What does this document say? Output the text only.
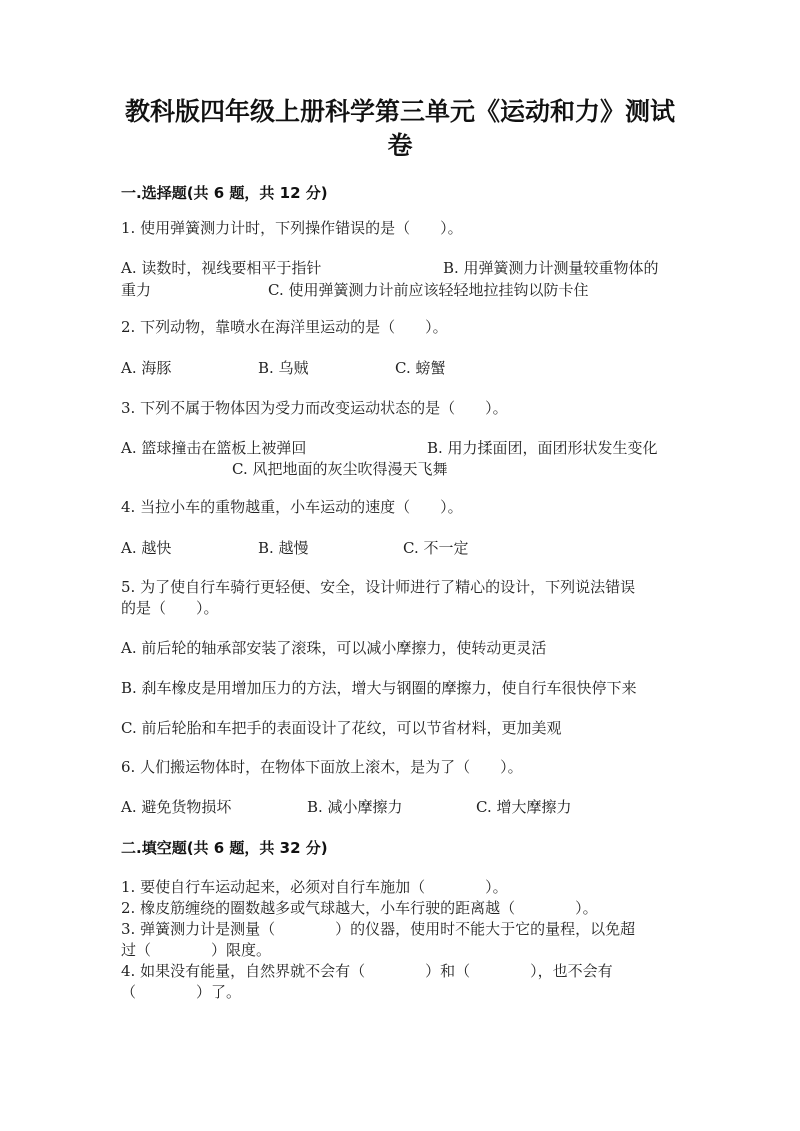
教科版四年级上册科学第三单元《运动和力》测试
卷
一.选择题(共 6 题，共 12 分)
1. 使用弹簧测力计时，下列操作错误的是（　　）。
A. 读数时，视线要相平于指针	B. 用弹簧测力计测量较重物体的
重力	C. 使用弹簧测力计前应该轻轻地拉挂钩以防卡住
2. 下列动物，靠喷水在海洋里运动的是（　　）。
A. 海豚	B. 乌贼	C. 螃蟹
3. 下列不属于物体因为受力而改变运动状态的是（　　）。
A. 篮球撞击在篮板上被弹回	B. 用力揉面团，面团形状发生变化
C. 风把地面的灰尘吹得漫天飞舞
4. 当拉小车的重物越重，小车运动的速度（　　）。
A. 越快	B. 越慢	C. 不一定
5. 为了使自行车骑行更轻便、安全，设计师进行了精心的设计，下列说法错误
的是（　　）。
A. 前后轮的轴承部安装了滚珠，可以减小摩擦力，使转动更灵活
B. 刹车橡皮是用增加压力的方法，增大与钢圈的摩擦力，使自行车很快停下来
C. 前后轮胎和车把手的表面设计了花纹，可以节省材料，更加美观
6. 人们搬运物体时，在物体下面放上滚木，是为了（　　）。
A. 避免货物损坏	B. 减小摩擦力	C. 增大摩擦力
二.填空题(共 6 题，共 32 分)
1. 要使自行车运动起来，必须对自行车施加（　　　　）。
2. 橡皮筋缠绕的圈数越多或气球越大，小车行驶的距离越（　　　　）。
3. 弹簧测力计是测量（　　　　）的仪器，使用时不能大于它的量程，以免超
过（　　　　）限度。
4. 如果没有能量，自然界就不会有（　　　　）和（　　　　），也不会有
（　　　　）了。
